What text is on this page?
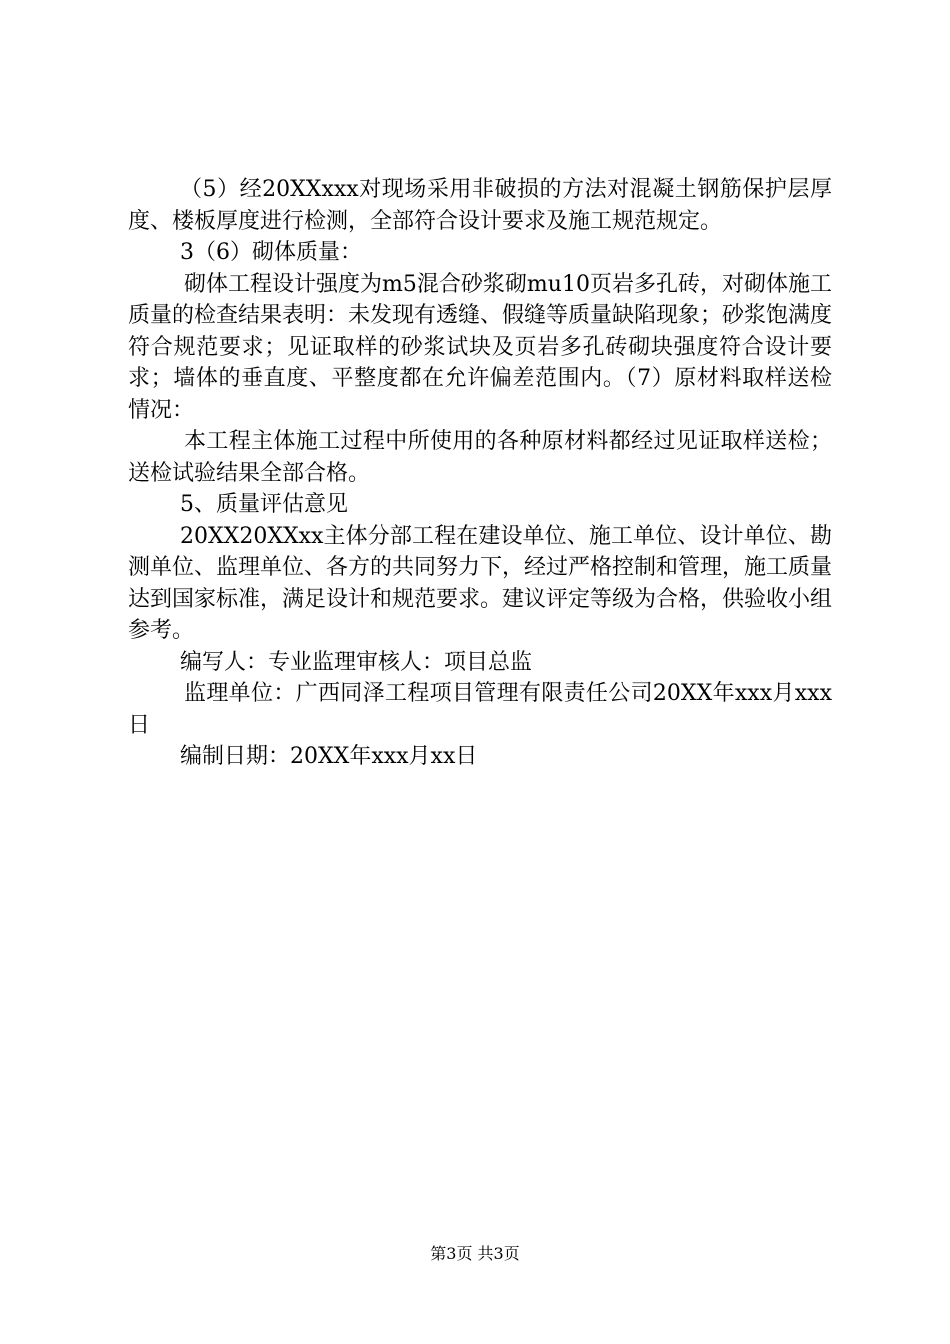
（5）经20XXxxx对现场采用非破损的方法对混凝土钢筋保护层厚度、楼板厚度进行检测，全部符合设计要求及施工规范规定。

3（6）砌体质量：

砌体工程设计强度为m5混合砂浆砌mu10页岩多孔砖，对砌体施工质量的检查结果表明：未发现有透缝、假缝等质量缺陷现象；砂浆饱满度符合规范要求；见证取样的砂浆试块及页岩多孔砖砌块强度符合设计要求；墙体的垂直度、平整度都在允许偏差范围内。（7）原材料取样送检情况：

本工程主体施工过程中所使用的各种原材料都经过见证取样送检；送检试验结果全部合格。

5、质量评估意见

20XX20XXxx主体分部工程在建设单位、施工单位、设计单位、勘测单位、监理单位、各方的共同努力下，经过严格控制和管理，施工质量达到国家标准，满足设计和规范要求。建议评定等级为合格，供验收小组参考。

编写人：专业监理审核人：项目总监

监理单位：广西同泽工程项目管理有限责任公司20XX年xxx月xxx日

编制日期：20XX年xxx月xx日

第3页 共3页
